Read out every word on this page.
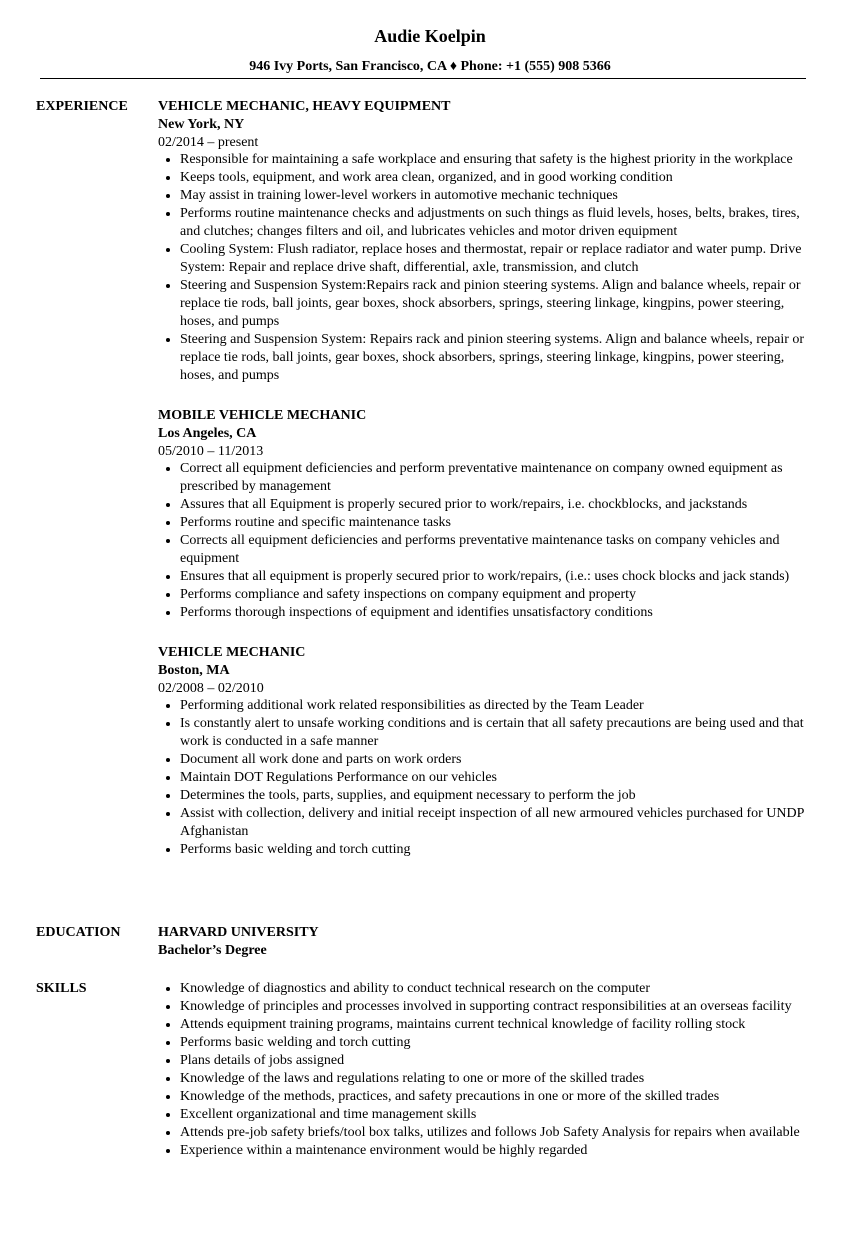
Audie Koelpin
946 Ivy Ports, San Francisco, CA ♦ Phone: +1 (555) 908 5366
EXPERIENCE VEHICLE MECHANIC, HEAVY EQUIPMENT
New York, NY
02/2014 – present
• Responsible for maintaining a safe workplace and ensuring that safety is the highest priority in the workplace
• Keeps tools, equipment, and work area clean, organized, and in good working condition
• May assist in training lower-level workers in automotive mechanic techniques
• Performs routine maintenance checks and adjustments on such things as fluid levels, hoses, belts, brakes, tires, and clutches; changes filters and oil, and lubricates vehicles and motor driven equipment
• Cooling System: Flush radiator, replace hoses and thermostat, repair or replace radiator and water pump. Drive System: Repair and replace drive shaft, differential, axle, transmission, and clutch
• Steering and Suspension System:Repairs rack and pinion steering systems. Align and balance wheels, repair or replace tie rods, ball joints, gear boxes, shock absorbers, springs, steering linkage, kingpins, power steering, hoses, and pumps
• Steering and Suspension System: Repairs rack and pinion steering systems. Align and balance wheels, repair or replace tie rods, ball joints, gear boxes, shock absorbers, springs, steering linkage, kingpins, power steering, hoses, and pumps
MOBILE VEHICLE MECHANIC
Los Angeles, CA
05/2010 – 11/2013
• Correct all equipment deficiencies and perform preventative maintenance on company owned equipment as prescribed by management
• Assures that all Equipment is properly secured prior to work/repairs, i.e. chockblocks, and jackstands
• Performs routine and specific maintenance tasks
• Corrects all equipment deficiencies and performs preventative maintenance tasks on company vehicles and equipment
• Ensures that all equipment is properly secured prior to work/repairs, (i.e.: uses chock blocks and jack stands)
• Performs compliance and safety inspections on company equipment and property
• Performs thorough inspections of equipment and identifies unsatisfactory conditions
VEHICLE MECHANIC
Boston, MA
02/2008 – 02/2010
• Performing additional work related responsibilities as directed by the Team Leader
• Is constantly alert to unsafe working conditions and is certain that all safety precautions are being used and that work is conducted in a safe manner
• Document all work done and parts on work orders
• Maintain DOT Regulations Performance on our vehicles
• Determines the tools, parts, supplies, and equipment necessary to perform the job
• Assist with collection, delivery and initial receipt inspection of all new armoured vehicles purchased for UNDP Afghanistan
• Performs basic welding and torch cutting
EDUCATION	HARVARD UNIVERSITY
Bachelor’s Degree
SKILLS
•	Knowledge of diagnostics and ability to conduct technical research on the computer
• Knowledge of principles and processes involved in supporting contract responsibilities at an overseas facility
• Attends equipment training programs, maintains current technical knowledge of facility rolling stock
• Performs basic welding and torch cutting
• Plans details of jobs assigned
• Knowledge of the laws and regulations relating to one or more of the skilled trades
• Knowledge of the methods, practices, and safety precautions in one or more of the skilled trades
• Excellent organizational and time management skills
• Attends pre-job safety briefs/tool box talks, utilizes and follows Job Safety Analysis for repairs when available
• Experience within a maintenance environment would be highly regarded
